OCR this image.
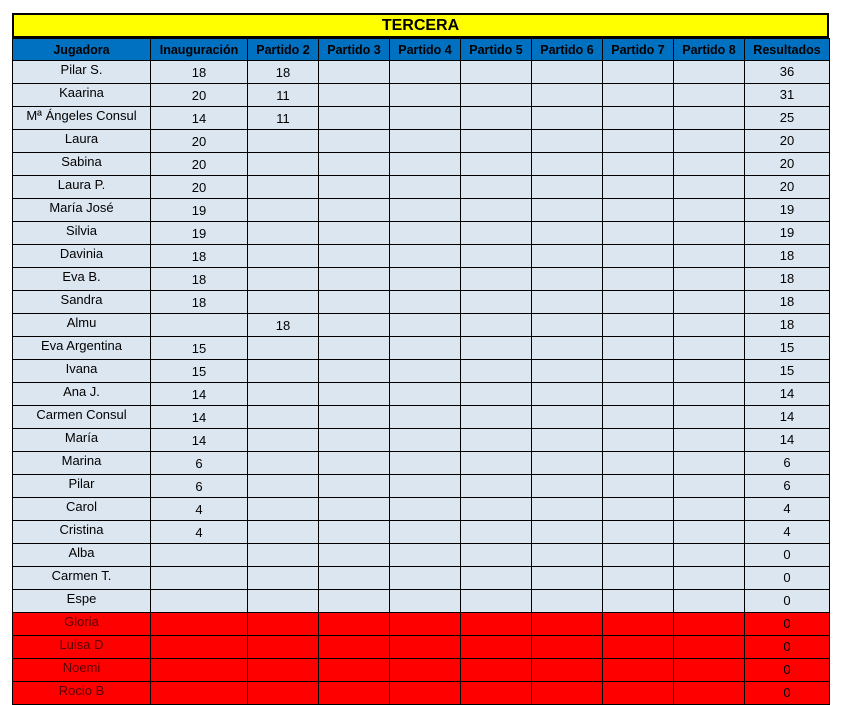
TERCERA
Jugadora	Inauguración	Partido 2	Partido 3	Partido 4	Partido 5	Partido 6	Partido 7	Partido 8	Resultados
Pilar S.	18	18							36
Kaarina	20	11							31
Mª Ángeles Consul	14	11							25
Laura	20								20
Sabina	20								20
Laura P.	20								20
María José	19								19
Silvia	19								19
Davinia	18								18
Eva B.	18								18
Sandra	18								18
Almu		18							18
Eva Argentina	15								15
Ivana	15								15
Ana J.	14								14
Carmen Consul	14								14
María	14								14
Marina	6								6
Pilar	6								6
Carol	4								4
Cristina	4								4
Alba									0
Carmen T.									0
Espe									0
Gloria									0
Luisa D									0
Noemi									0
Rocio B									0
